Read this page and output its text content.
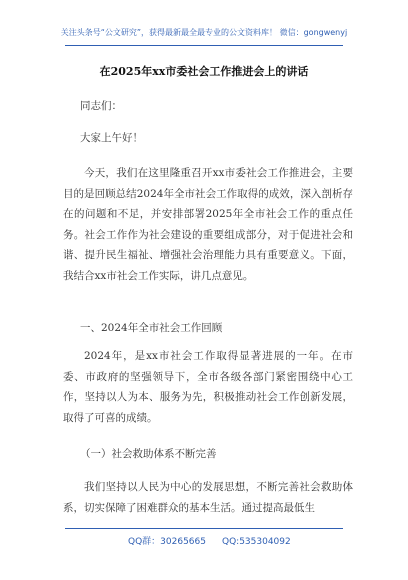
关注头条号“公文研究”，获得最新最全最专业的公文资料库！ 微信：gongwenyj
在2025年xx市委社会工作推进会上的讲话
同志们：
大家上午好！
今天，我们在这里隆重召开xx市委社会工作推进会，主要目的是回顾总结2024年全市社会工作取得的成效，深入剖析存在的问题和不足，并安排部署2025年全市社会工作的重点任务。社会工作作为社会建设的重要组成部分，对于促进社会和谐、提升民生福祉、增强社会治理能力具有重要意义。下面，我结合xx市社会工作实际，讲几点意见。
一、2024年全市社会工作回顾
2024年，是xx市社会工作取得显著进展的一年。在市委、市政府的坚强领导下，全市各级各部门紧密围绕中心工作，坚持以人为本、服务为先，积极推动社会工作创新发展，取得了可喜的成绩。
（一）社会救助体系不断完善
我们坚持以人民为中心的发展思想，不断完善社会救助体系，切实保障了困难群众的基本生活。通过提高最低生
QQ群：30265665 QQ:535304092
